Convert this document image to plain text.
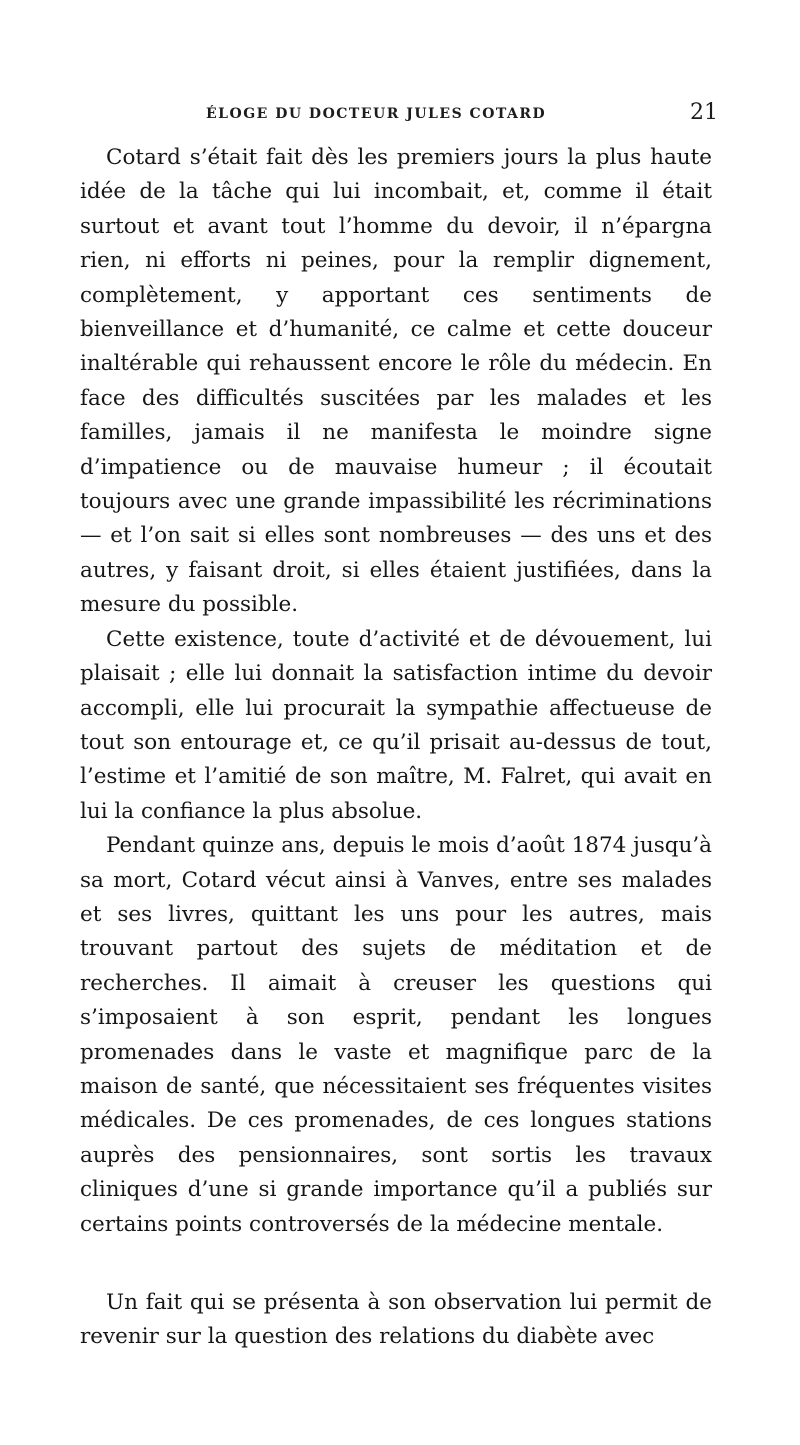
ÉLOGE DU DOCTEUR JULES COTARD	21

Cotard s’était fait dès les premiers jours la plus haute idée de la tâche qui lui incombait, et, comme il était surtout et avant tout l’homme du devoir, il n’épargna rien, ni efforts ni peines, pour la remplir dignement, complètement, y apportant ces sentiments de bienveillance et d’humanité, ce calme et cette douceur inaltérable qui rehaussent encore le rôle du médecin. En face des difficultés suscitées par les malades et les familles, jamais il ne manifesta le moindre signe d’impatience ou de mauvaise humeur ; il écoutait toujours avec une grande impassibilité les récriminations — et l’on sait si elles sont nombreuses — des uns et des autres, y faisant droit, si elles étaient justifiées, dans la mesure du possible.

Cette existence, toute d’activité et de dévouement, lui plaisait ; elle lui donnait la satisfaction intime du devoir accompli, elle lui procurait la sympathie affectueuse de tout son entourage et, ce qu’il prisait au-dessus de tout, l’estime et l’amitié de son maître, M. Falret, qui avait en lui la confiance la plus absolue.

Pendant quinze ans, depuis le mois d’août 1874 jusqu’à sa mort, Cotard vécut ainsi à Vanves, entre ses malades et ses livres, quittant les uns pour les autres, mais trouvant partout des sujets de méditation et de recherches. Il aimait à creuser les questions qui s’imposaient à son esprit, pendant les longues promenades dans le vaste et magnifique parc de la maison de santé, que nécessitaient ses fréquentes visites médicales. De ces promenades, de ces longues stations auprès des pensionnaires, sont sortis les travaux cliniques d’une si grande importance qu’il a publiés sur certains points controversés de la médecine mentale.

Un fait qui se présenta à son observation lui permit de revenir sur la question des relations du diabète avec
